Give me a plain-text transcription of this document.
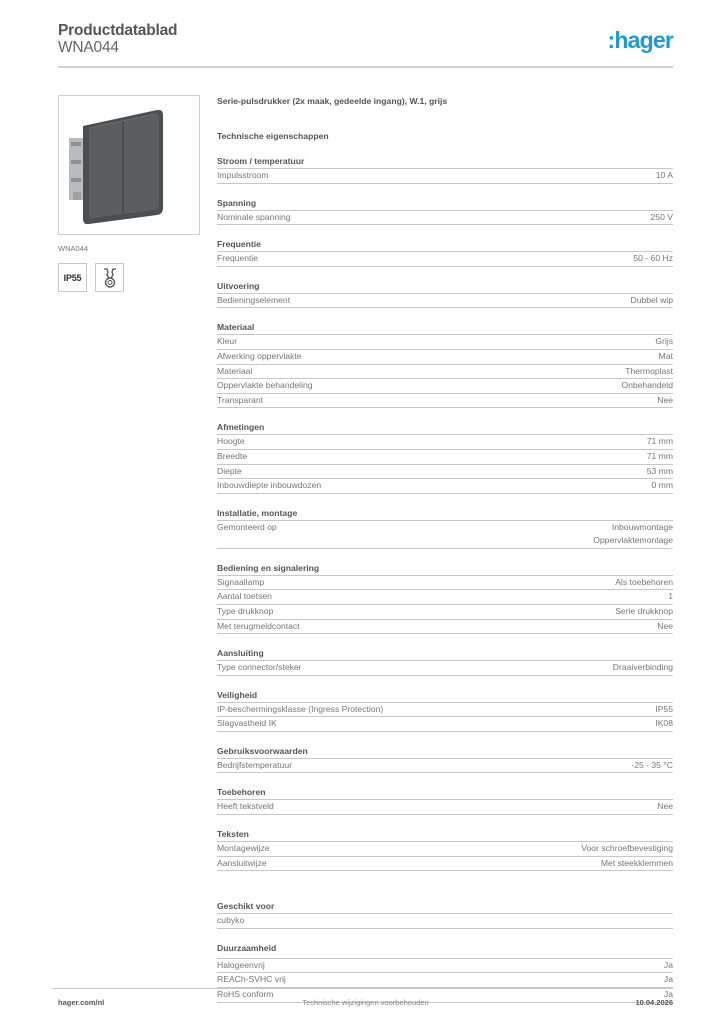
Productdatablad
WNA044	:hager
WNA044
IP55
Serie-pulsdrukker (2x maak, gedeelde ingang), W.1, grijs
Technische eigenschappen
Stroom / temperatuur
Impulsstroom	10 A
Spanning
Nominale spanning	250 V
Frequentie
Frequentie	50 - 60 Hz
Uitvoering
Bedieningselement	Dubbel wip
Materiaal
Kleur	Grijs
Afwerking oppervlakte	Mat
Materiaal	Thermoplast
Oppervlakte behandeling	Onbehandeld
Transparant	Nee
Afmetingen
Hoogte	71 mm
Breedte	71 mm
Diepte	53 mm
Inbouwdiepte inbouwdozen	0 mm
Installatie, montage
Gemonteerd op	Inbouwmontage
Oppervlaktemontage
Bediening en signalering
Signaallamp	Als toebehoren
Aantal toetsen	1
Type drukknop	Serie drukknop
Met terugmeldcontact	Nee
Aansluiting
Type connector/steker	Draaiverbinding
Veiligheid
IP-beschermingsklasse (Ingress Protection)	IP55
Slagvastheid IK	IK08
Gebruiksvoorwaarden
Bedrijfstemperatuur	-25 - 35 °C
Toebehoren
Heeft tekstveld	Nee
Teksten
Montagewijze	Voor schroefbevestiging
Aansluitwijze	Met steekklemmen
Geschikt voor
cubyko
Duurzaamheid
Halogeenvrij	Ja
REACh-SVHC vrij	Ja
RoHS conform	Ja
Technische wijzigingen voorbehouden
hager.com/nl	10.04.2026
